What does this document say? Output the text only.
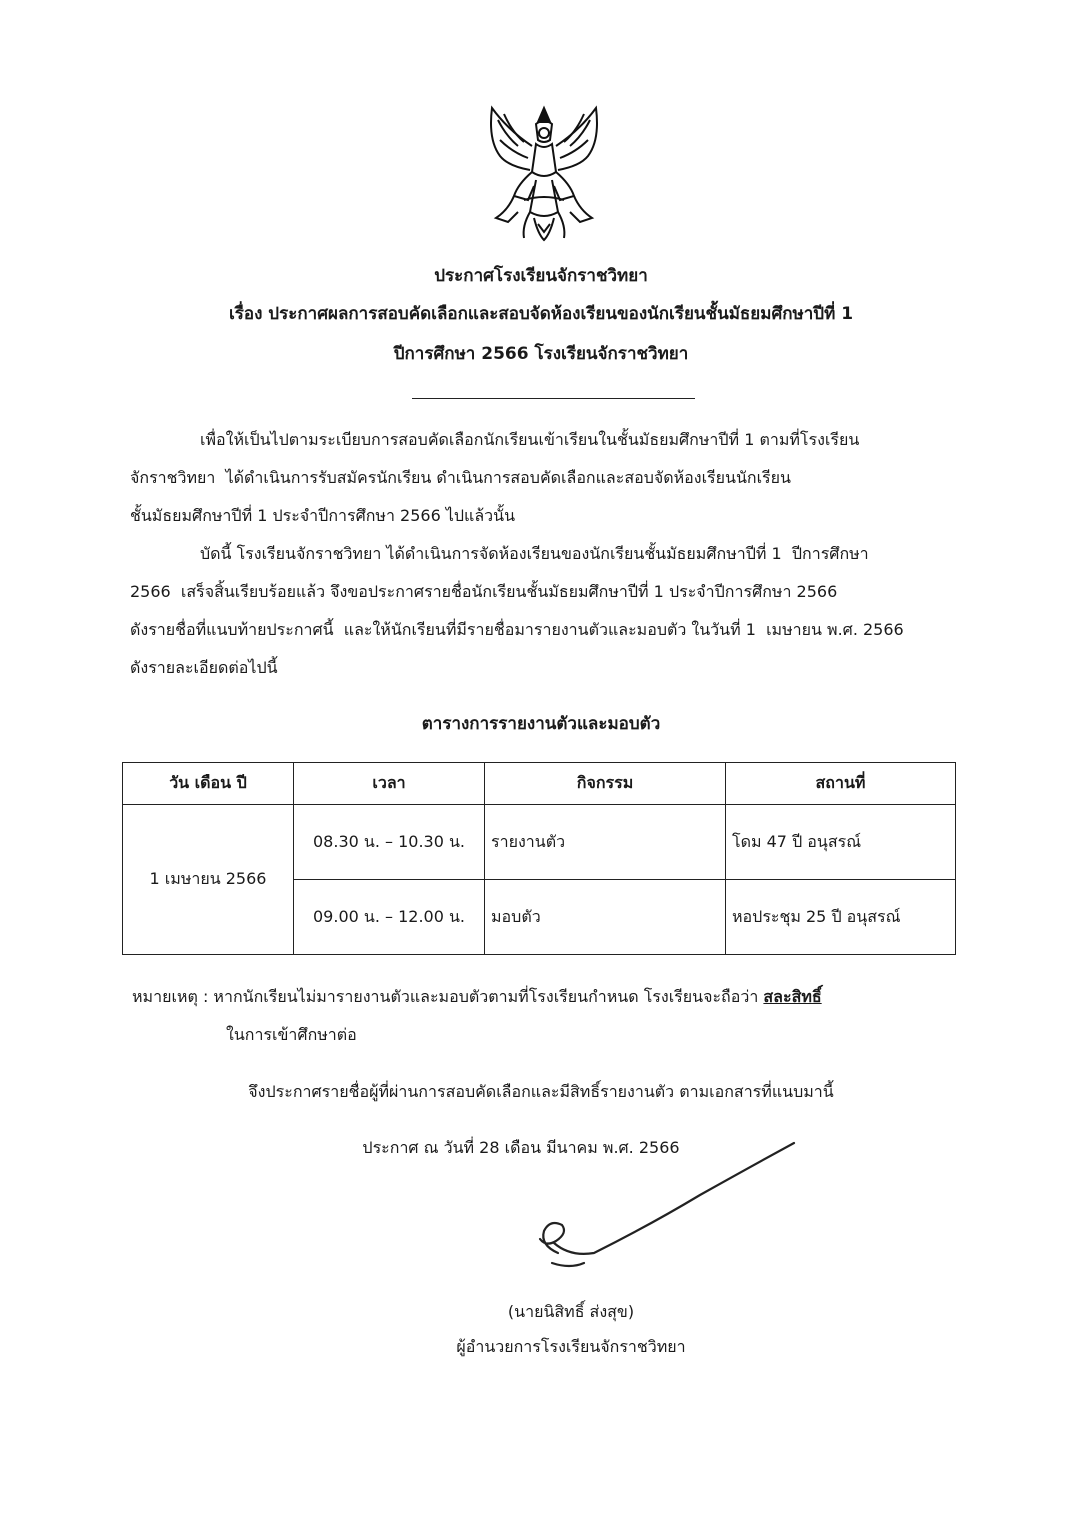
ประกาศโรงเรียนจักราชวิทยา
เรื่อง ประกาศผลการสอบคัดเลือกและสอบจัดห้องเรียนของนักเรียนชั้นมัธยมศึกษาปีที่ 1
ปีการศึกษา 2566 โรงเรียนจักราชวิทยา
เพื่อให้เป็นไปตามระเบียบการสอบคัดเลือกนักเรียนเข้าเรียนในชั้นมัธยมศึกษาปีที่ 1 ตามที่โรงเรียน
จักราชวิทยา  ได้ดำเนินการรับสมัครนักเรียน ดำเนินการสอบคัดเลือกและสอบจัดห้องเรียนนักเรียน
ชั้นมัธยมศึกษาปีที่ 1 ประจำปีการศึกษา 2566 ไปแล้วนั้น
บัดนี้ โรงเรียนจักราชวิทยา ได้ดำเนินการจัดห้องเรียนของนักเรียนชั้นมัธยมศึกษาปีที่ 1  ปีการศึกษา
2566  เสร็จสิ้นเรียบร้อยแล้ว จึงขอประกาศรายชื่อนักเรียนชั้นมัธยมศึกษาปีที่ 1 ประจำปีการศึกษา 2566
ดังรายชื่อที่แนบท้ายประกาศนี้  และให้นักเรียนที่มีรายชื่อมารายงานตัวและมอบตัว ในวันที่ 1  เมษายน พ.ศ. 2566
ดังรายละเอียดต่อไปนี้
ตารางการรายงานตัวและมอบตัว
วัน เดือน ปี	เวลา	กิจกรรม	สถานที่
1 เมษายน 2566	08.30 น. – 10.30 น.	รายงานตัว	โดม 47 ปี อนุสรณ์
	09.00 น. – 12.00 น.	มอบตัว	หอประชุม 25 ปี อนุสรณ์
หมายเหตุ : หากนักเรียนไม่มารายงานตัวและมอบตัวตามที่โรงเรียนกำหนด โรงเรียนจะถือว่า สละสิทธิ์
ในการเข้าศึกษาต่อ
จึงประกาศรายชื่อผู้ที่ผ่านการสอบคัดเลือกและมีสิทธิ์รายงานตัว ตามเอกสารที่แนบมานี้
ประกาศ ณ วันที่ 28 เดือน มีนาคม พ.ศ. 2566
(นายนิสิทธิ์ ส่งสุข)
ผู้อำนวยการโรงเรียนจักราชวิทยา
